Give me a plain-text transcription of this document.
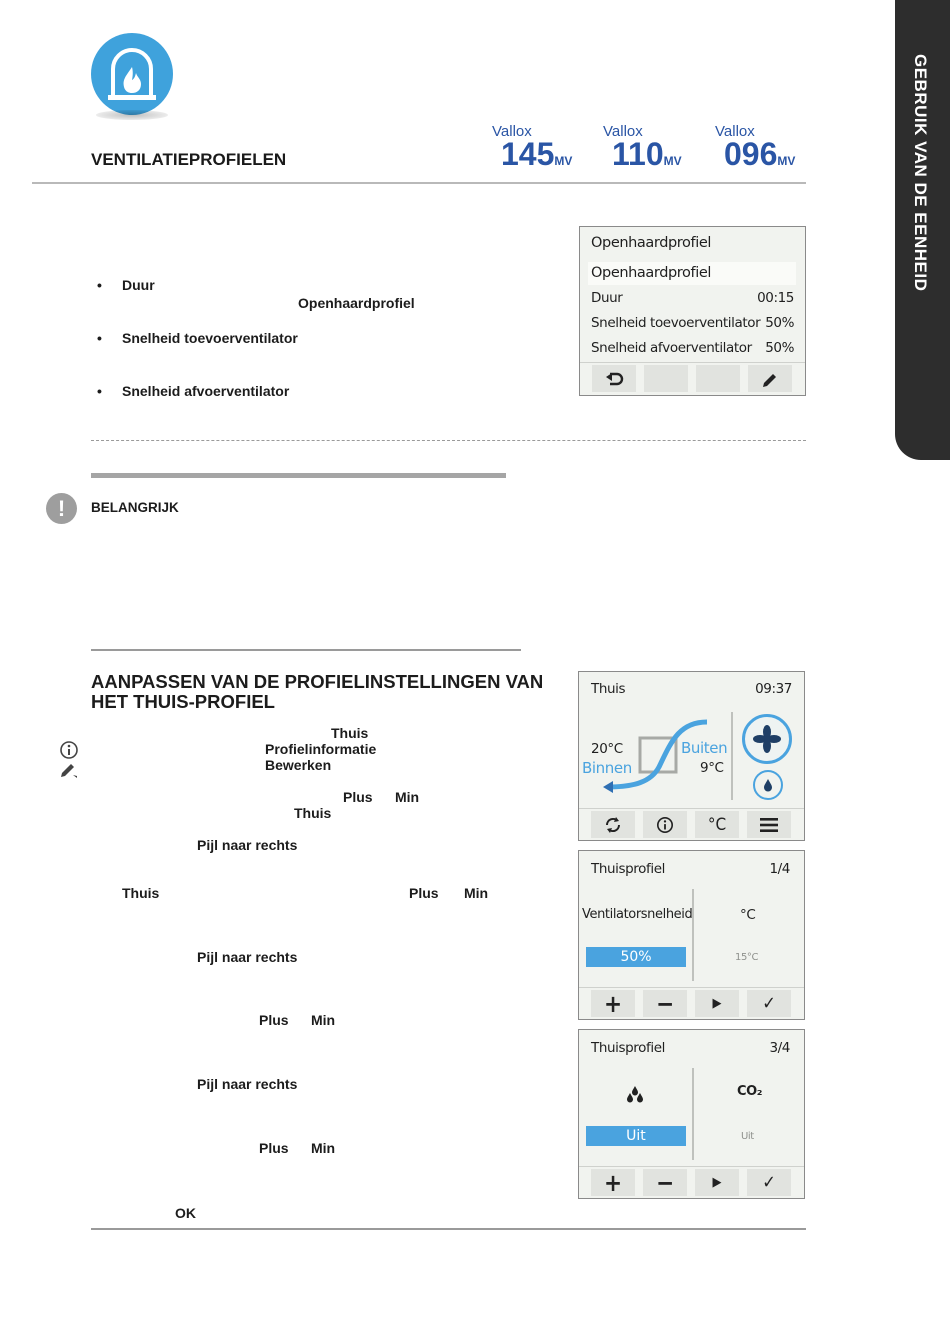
VENTILATIEPROFIELEN
Vallox
145MV
Vallox
110MV
Vallox
096MV	GEBRUIK VAN DE EENHEID
• Duur
Openhaardprofiel
• Snelheid toevoerventilator
• Snelheid afvoerventilator
Openhaardprofiel
Openhaardprofiel
Duur	00:15
Snelheid toevoerventilator 50%
Snelheid afvoerventilator 50%
!	BELANGRIJK
AANPASSEN VAN DE PROFIELINSTELLINGEN VAN
HET THUIS-PROFIEL
Thuis
Profielinformatie
Bewerken
Plus Min
Thuis
Pijl naar rechts
Thuis	Plus Min
Pijl naar rechts
Plus Min
Pijl naar rechts
Plus Min
OK
Thuis	09:37
20°C
Binnen
Buiten
9°C
°C
Thuisprofiel	1/4
Ventilatorsnelheid	°C
50%	15°C
+	−	▶	✓
Thuisprofiel	3/4
CO₂
Uit	Uit
+	−	▶	✓
